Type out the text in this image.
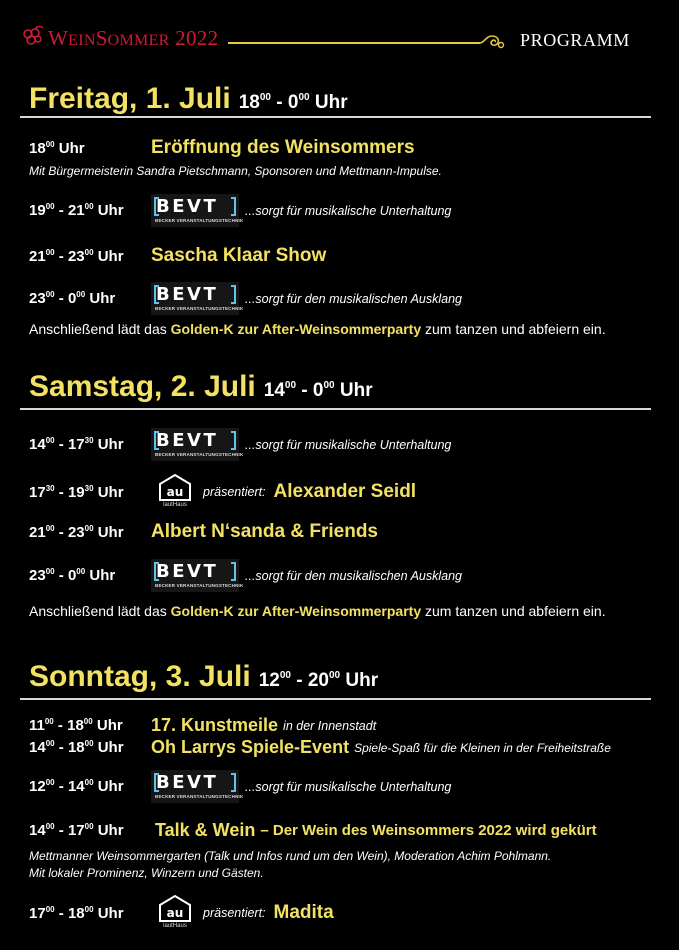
WEINSOMMER 2022	PROGRAMM
Freitag, 1. Juli $18^{00} - 0^{00}$ Uhr
$18^{00}$ Uhr	Eröffnung des Weinsommers
Mit Bürgermeisterin Sandra Pietschmann, Sponsoren und Mettmann-Impulse.
$19^{00} - 21^{00}$ Uhr	BEVT
BECKER VERANSTALTUNGSTECHNIK
...sorgt für musikalische Unterhaltung
$21^{00} - 23^{00}$ Uhr	Sascha Klaar Show
$23^{00} - 0^{00}$ Uhr	BEVT
BECKER VERANSTALTUNGSTECHNIK
...sorgt für den musikalischen Ausklang
Anschließend lädt das Golden-K zur After-Weinsommerparty zum tanzen und abfeiern ein.
Samstag, 2. Juli $14^{00} - 0^{00}$ Uhr
$14^{00} - 17^{30}$ Uhr	BEVT
BECKER VERANSTALTUNGSTECHNIK
...sorgt für musikalische Unterhaltung
$17^{30} - 19^{30}$ Uhr	au
lautHaus
präsentiert: Alexander Seidl
$21^{00} - 23^{00}$ Uhr	Albert N‘sanda & Friends
$23^{00} - 0^{00}$ Uhr	BEVT
BECKER VERANSTALTUNGSTECHNIK
...sorgt für den musikalischen Ausklang
Anschließend lädt das Golden-K zur After-Weinsommerparty zum tanzen und abfeiern ein.
Sonntag, 3. Juli $12^{00} - 20^{00}$ Uhr
$11^{00} - 18^{00}$ Uhr	17. Kunstmeile in der Innenstadt
$14^{00} - 18^{00}$ Uhr	Oh Larrys Spiele-Event Spiele-Spaß für die Kleinen in der Freiheitstraße
$12^{00} - 14^{00}$ Uhr	BEVT
BECKER VERANSTALTUNGSTECHNIK
...sorgt für musikalische Unterhaltung
$14^{00} - 17^{00}$ Uhr	Talk & Wein – Der Wein des Weinsommers 2022 wird gekürt
Mettmanner Weinsommergarten (Talk und Infos rund um den Wein), Moderation Achim Pohlmann.
Mit lokaler Prominenz, Winzern und Gästen.
$17^{00} - 18^{00}$ Uhr	au
lautHaus
präsentiert: Madita
